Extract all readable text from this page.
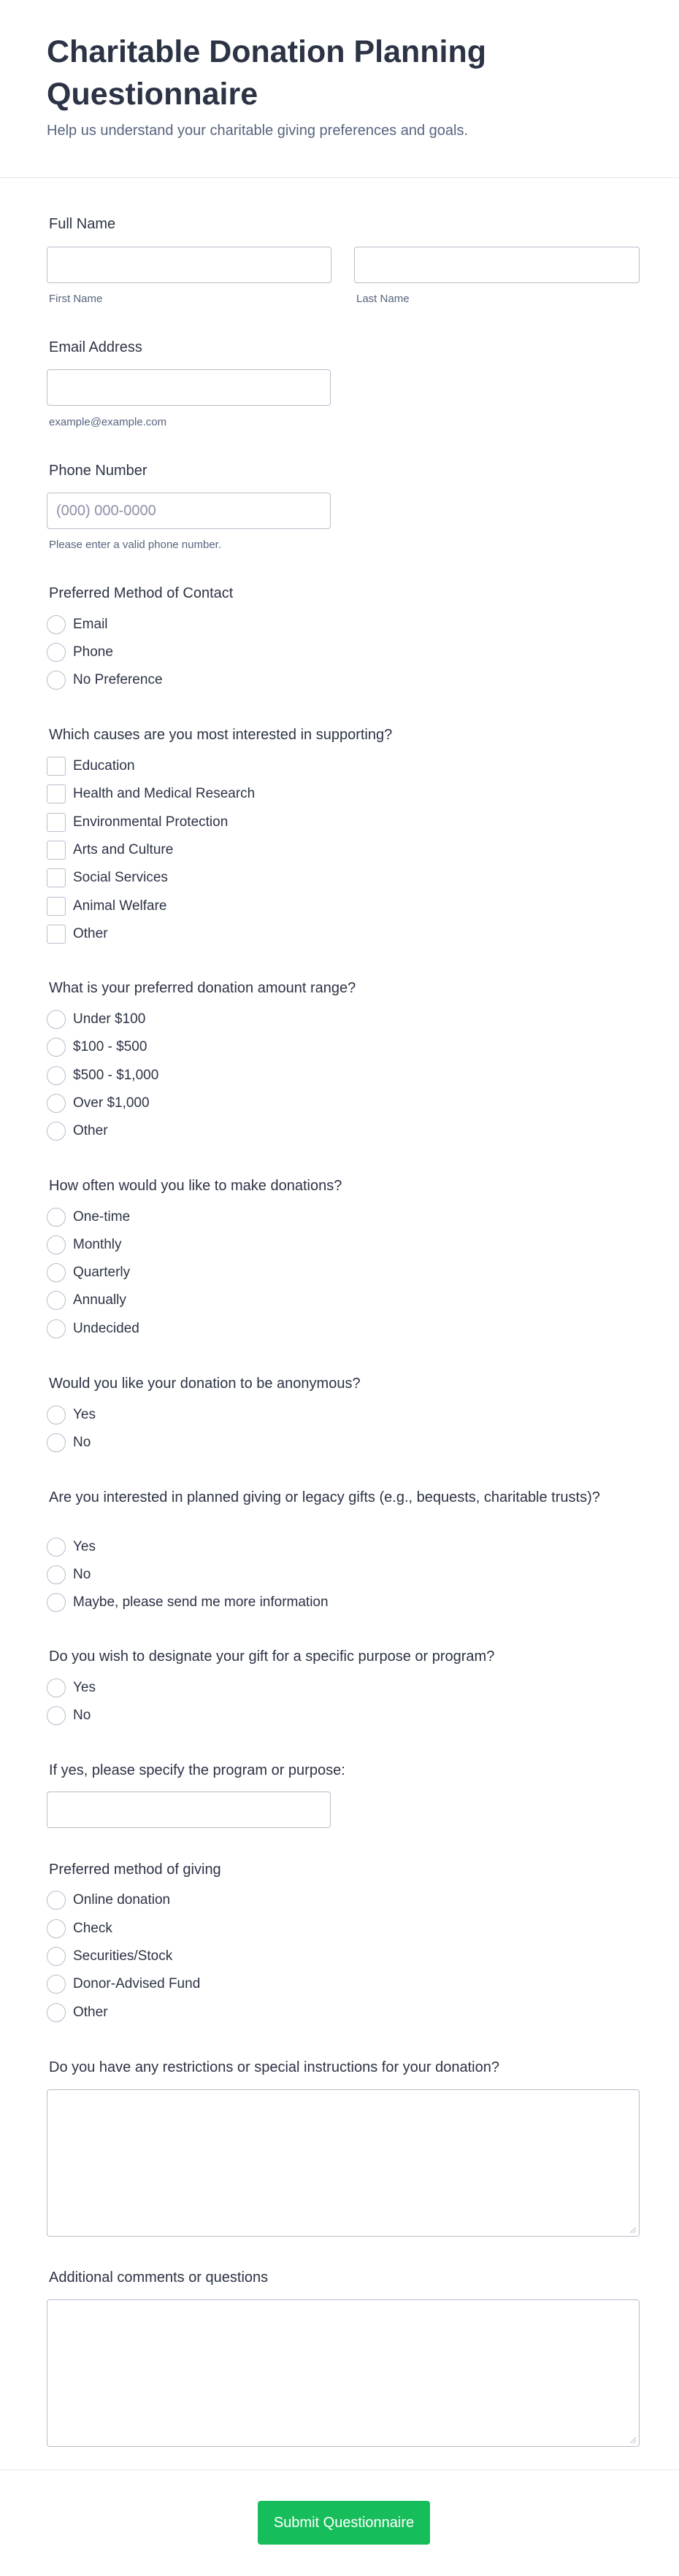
Charitable Donation Planning Questionnaire

Help us understand your charitable giving preferences and goals.

Full Name
First Name	Last Name
Email Address
example@example.com
Phone Number
(000) 000-0000
Please enter a valid phone number.
Preferred Method of Contact
Email
Phone
No Preference
Which causes are you most interested in supporting?
Education
Health and Medical Research
Environmental Protection
Arts and Culture
Social Services
Animal Welfare
Other
What is your preferred donation amount range?
Under $100
$100 - $500
$500 - $1,000
Over $1,000
Other
How often would you like to make donations?
One-time
Monthly
Quarterly
Annually
Undecided
Would you like your donation to be anonymous?
Yes
No
Are you interested in planned giving or legacy gifts (e.g., bequests, charitable trusts)?
Yes
No
Maybe, please send me more information
Do you wish to designate your gift for a specific purpose or program?
Yes
No
If yes, please specify the program or purpose:
Preferred method of giving
Online donation
Check
Securities/Stock
Donor-Advised Fund
Other
Do you have any restrictions or special instructions for your donation?
Additional comments or questions
Submit Questionnaire
